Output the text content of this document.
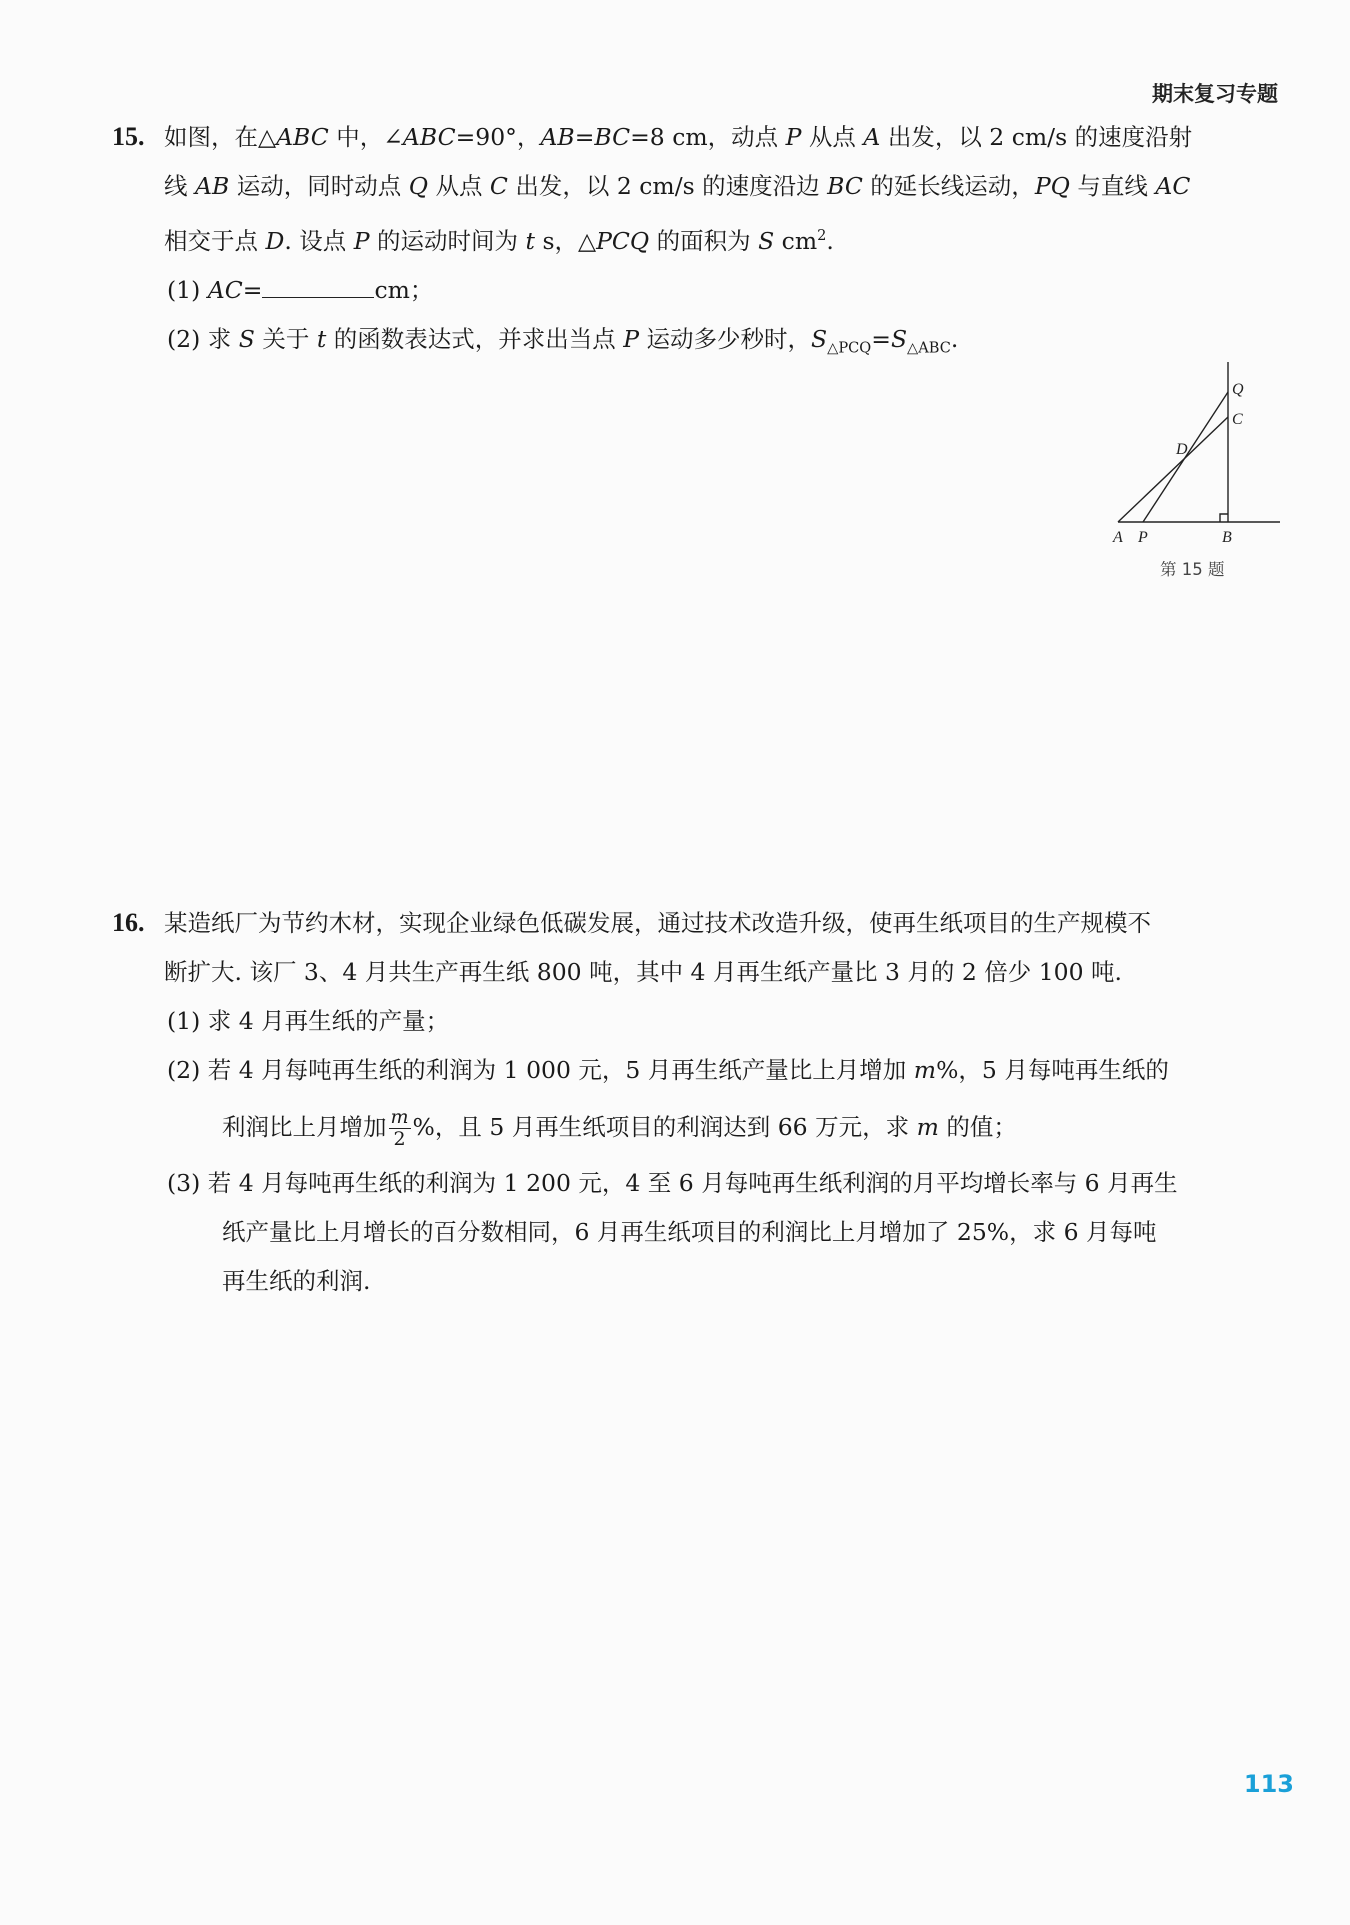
期末复习专题
15. 如图，在△ABC 中，∠ABC=90°，AB=BC=8 cm，动点 P 从点 A 出发，以 2 cm/s 的速度沿射
线 AB 运动，同时动点 Q 从点 C 出发，以 2 cm/s 的速度沿边 BC 的延长线运动，PQ 与直线 AC
相交于点 D. 设点 P 的运动时间为 t s，△PCQ 的面积为 S $cm^2$.
(1) AC=	cm；
(2) 求 S 关于 t 的函数表达式，并求出当点 P 运动多少秒时，$S_{\triangle PCQ}=S_{\triangle ABC}$.
Q
C
D
A P	B
第 15 题
16. 某造纸厂为节约木材，实现企业绿色低碳发展，通过技术改造升级，使再生纸项目的生产规模不
断扩大. 该厂 3、4 月共生产再生纸 800 吨，其中 4 月再生纸产量比 3 月的 2 倍少 100 吨.
(1) 求 4 月再生纸的产量；
(2) 若 4 月每吨再生纸的利润为 1 000 元，5 月再生纸产量比上月增加 m%，5 月每吨再生纸的
利润比上月增加 $\frac{m}{2}$ %，且 5 月再生纸项目的利润达到 66 万元，求 m 的值；
(3) 若 4 月每吨再生纸的利润为 1 200 元，4 至 6 月每吨再生纸利润的月平均增长率与 6 月再生
纸产量比上月增长的百分数相同，6 月再生纸项目的利润比上月增加了 25%，求 6 月每吨
再生纸的利润.
113
